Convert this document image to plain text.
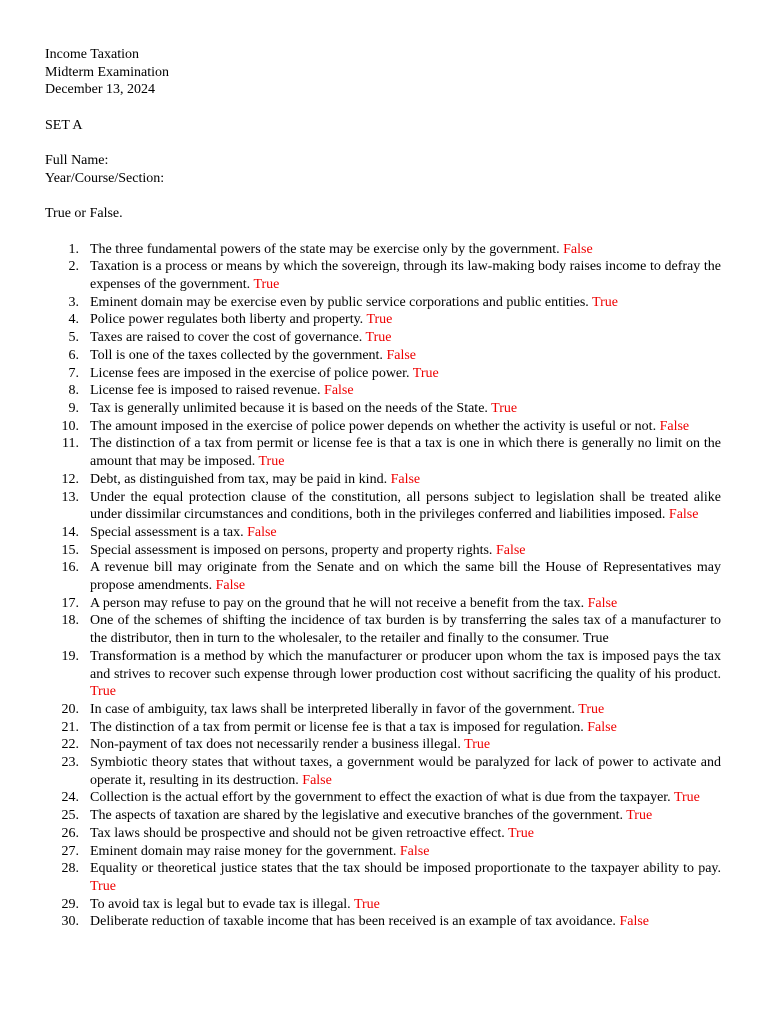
Income Taxation
Midterm Examination
December 13, 2024
SET A
Full Name:
Year/Course/Section:
True or False.
1. The three fundamental powers of the state may be exercise only by the government. False
2. Taxation is a process or means by which the sovereign, through its law-making body raises income to defray the expenses of the government. True
3. Eminent domain may be exercise even by public service corporations and public entities. True
4. Police power regulates both liberty and property. True
5. Taxes are raised to cover the cost of governance. True
6. Toll is one of the taxes collected by the government. False
7. License fees are imposed in the exercise of police power. True
8. License fee is imposed to raised revenue. False
9. Tax is generally unlimited because it is based on the needs of the State. True
10. The amount imposed in the exercise of police power depends on whether the activity is useful or not. False
11. The distinction of a tax from permit or license fee is that a tax is one in which there is generally no limit on the amount that may be imposed. True
12. Debt, as distinguished from tax, may be paid in kind. False
13. Under the equal protection clause of the constitution, all persons subject to legislation shall be treated alike under dissimilar circumstances and conditions, both in the privileges conferred and liabilities imposed. False
14. Special assessment is a tax. False
15. Special assessment is imposed on persons, property and property rights. False
16. A revenue bill may originate from the Senate and on which the same bill the House of Representatives may propose amendments. False
17. A person may refuse to pay on the ground that he will not receive a benefit from the tax. False
18. One of the schemes of shifting the incidence of tax burden is by transferring the sales tax of a manufacturer to the distributor, then in turn to the wholesaler, to the retailer and finally to the consumer. True
19. Transformation is a method by which the manufacturer or producer upon whom the tax is imposed pays the tax and strives to recover such expense through lower production cost without sacrificing the quality of his product. True
20. In case of ambiguity, tax laws shall be interpreted liberally in favor of the government. True
21. The distinction of a tax from permit or license fee is that a tax is imposed for regulation. False
22. Non-payment of tax does not necessarily render a business illegal. True
23. Symbiotic theory states that without taxes, a government would be paralyzed for lack of power to activate and operate it, resulting in its destruction. False
24. Collection is the actual effort by the government to effect the exaction of what is due from the taxpayer. True
25. The aspects of taxation are shared by the legislative and executive branches of the government. True
26. Tax laws should be prospective and should not be given retroactive effect. True
27. Eminent domain may raise money for the government. False
28. Equality or theoretical justice states that the tax should be imposed proportionate to the taxpayer ability to pay. True
29. To avoid tax is legal but to evade tax is illegal. True
30. Deliberate reduction of taxable income that has been received is an example of tax avoidance. False
